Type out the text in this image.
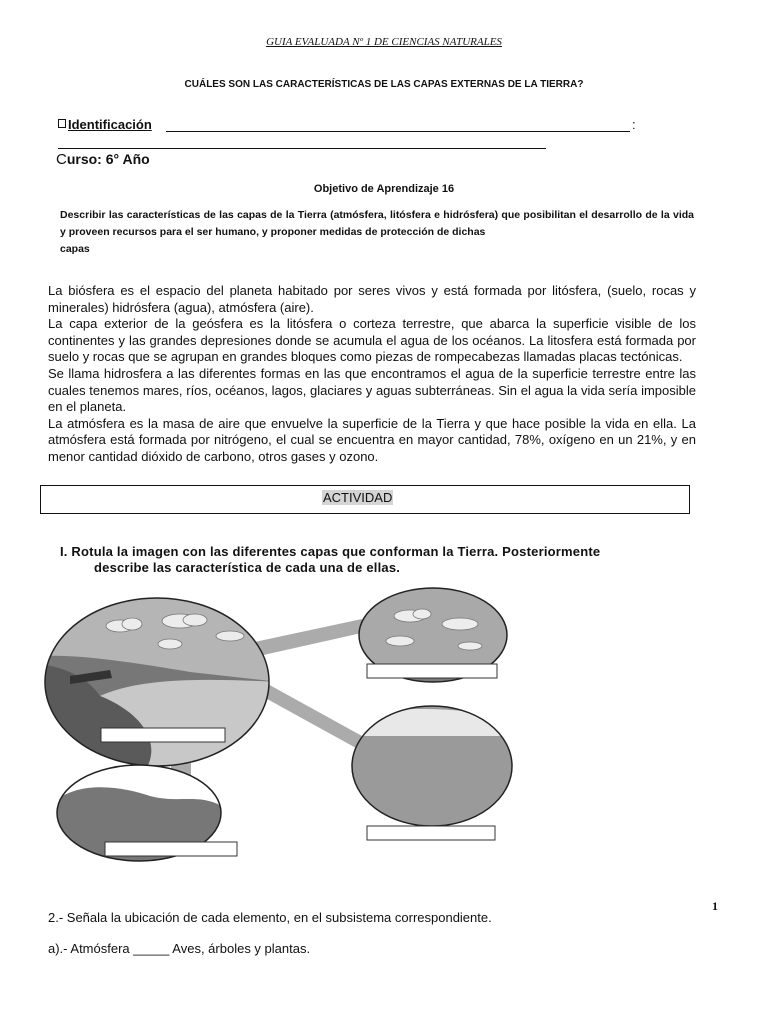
GUIA EVALUADA Nº 1 DE CIENCIAS NATURALES
CUÁLES SON LAS CARACTERÍSTICAS DE LAS CAPAS EXTERNAS DE LA TIERRA?
Identificación	:
Curso: 6° Año
Objetivo de Aprendizaje 16
Describir las características de las capas de la Tierra (atmósfera, litósfera e hidrósfera) que posibilitan el desarrollo de la vida y proveen recursos para el ser humano, y proponer medidas de protección de dichas
capas

La biósfera es el espacio del planeta habitado por seres vivos y está formada por litósfera, (suelo, rocas y minerales) hidrósfera (agua), atmósfera (aire).

La capa exterior de la geósfera es la litósfera o corteza terrestre, que abarca la superficie visible de los continentes y las grandes depresiones donde se acumula el agua de los océanos. La litosfera está formada por suelo y rocas que se agrupan en grandes bloques como piezas de rompecabezas llamadas placas tectónicas.

Se llama hidrosfera a las diferentes formas en las que encontramos el agua de la superficie terrestre entre las cuales tenemos mares, ríos, océanos, lagos, glaciares y aguas subterráneas. Sin el agua la vida sería imposible en el planeta.

La atmósfera es la masa de aire que envuelve la superficie de la Tierra y que hace posible la vida en ella. La atmósfera está formada por nitrógeno, el cual se encuentra en mayor cantidad, 78%, oxígeno en un 21%, y en menor cantidad dióxido de carbono, otros gases y ozono.

ACTIVIDAD
I. Rotula la imagen con las diferentes capas que conforman la Tierra. Posteriormente
describe las característica de cada una de ellas.
1
2.- Señala la ubicación de cada elemento, en el subsistema correspondiente.
a).- Atmósfera _____ Aves, árboles y plantas.
